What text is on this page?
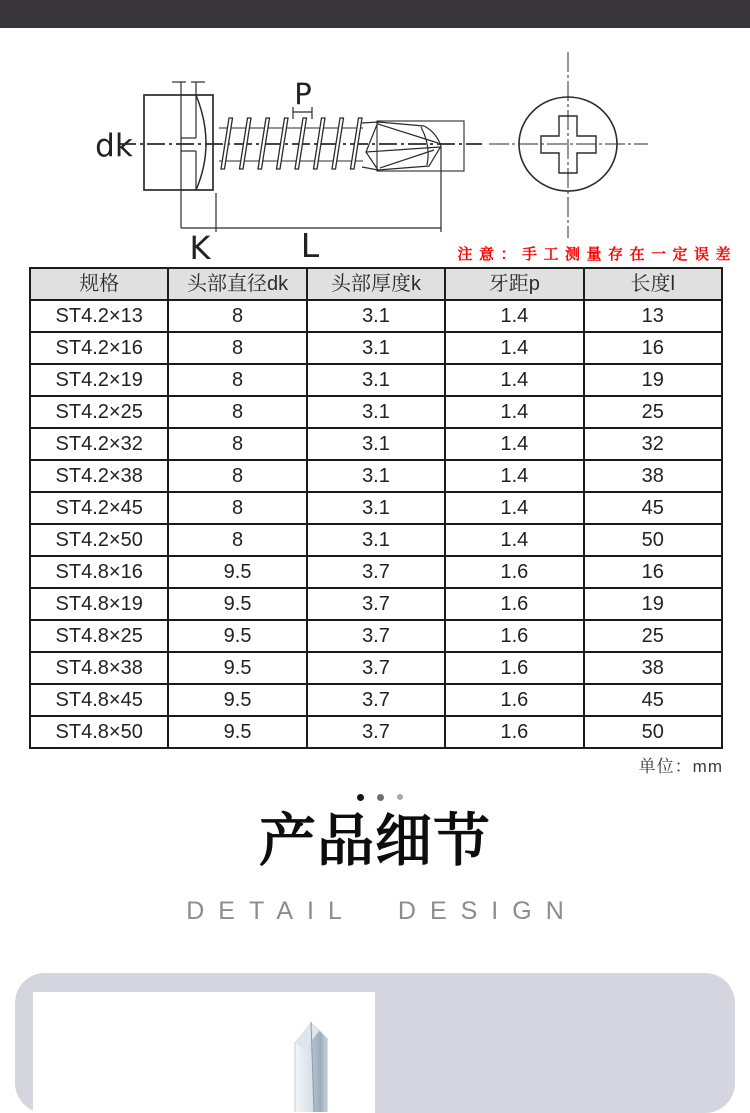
dk
K	L
P
注意：手工测量存在一定误差
规格	头部直径dk	头部厚度k	牙距p	长度l
ST4.2×13	8	3.1	1.4	13
ST4.2×16	8	3.1	1.4	16
ST4.2×19	8	3.1	1.4	19
ST4.2×25	8	3.1	1.4	25
ST4.2×32	8	3.1	1.4	32
ST4.2×38	8	3.1	1.4	38
ST4.2×45	8	3.1	1.4	45
ST4.2×50	8	3.1	1.4	50
ST4.8×16	9.5	3.7	1.6	16
ST4.8×19	9.5	3.7	1.6	19
ST4.8×25	9.5	3.7	1.6	25
ST4.8×38	9.5	3.7	1.6	38
ST4.8×45	9.5	3.7	1.6	45
ST4.8×50	9.5	3.7	1.6	50
单位：mm
产品细节
DETAIL DESIGN
